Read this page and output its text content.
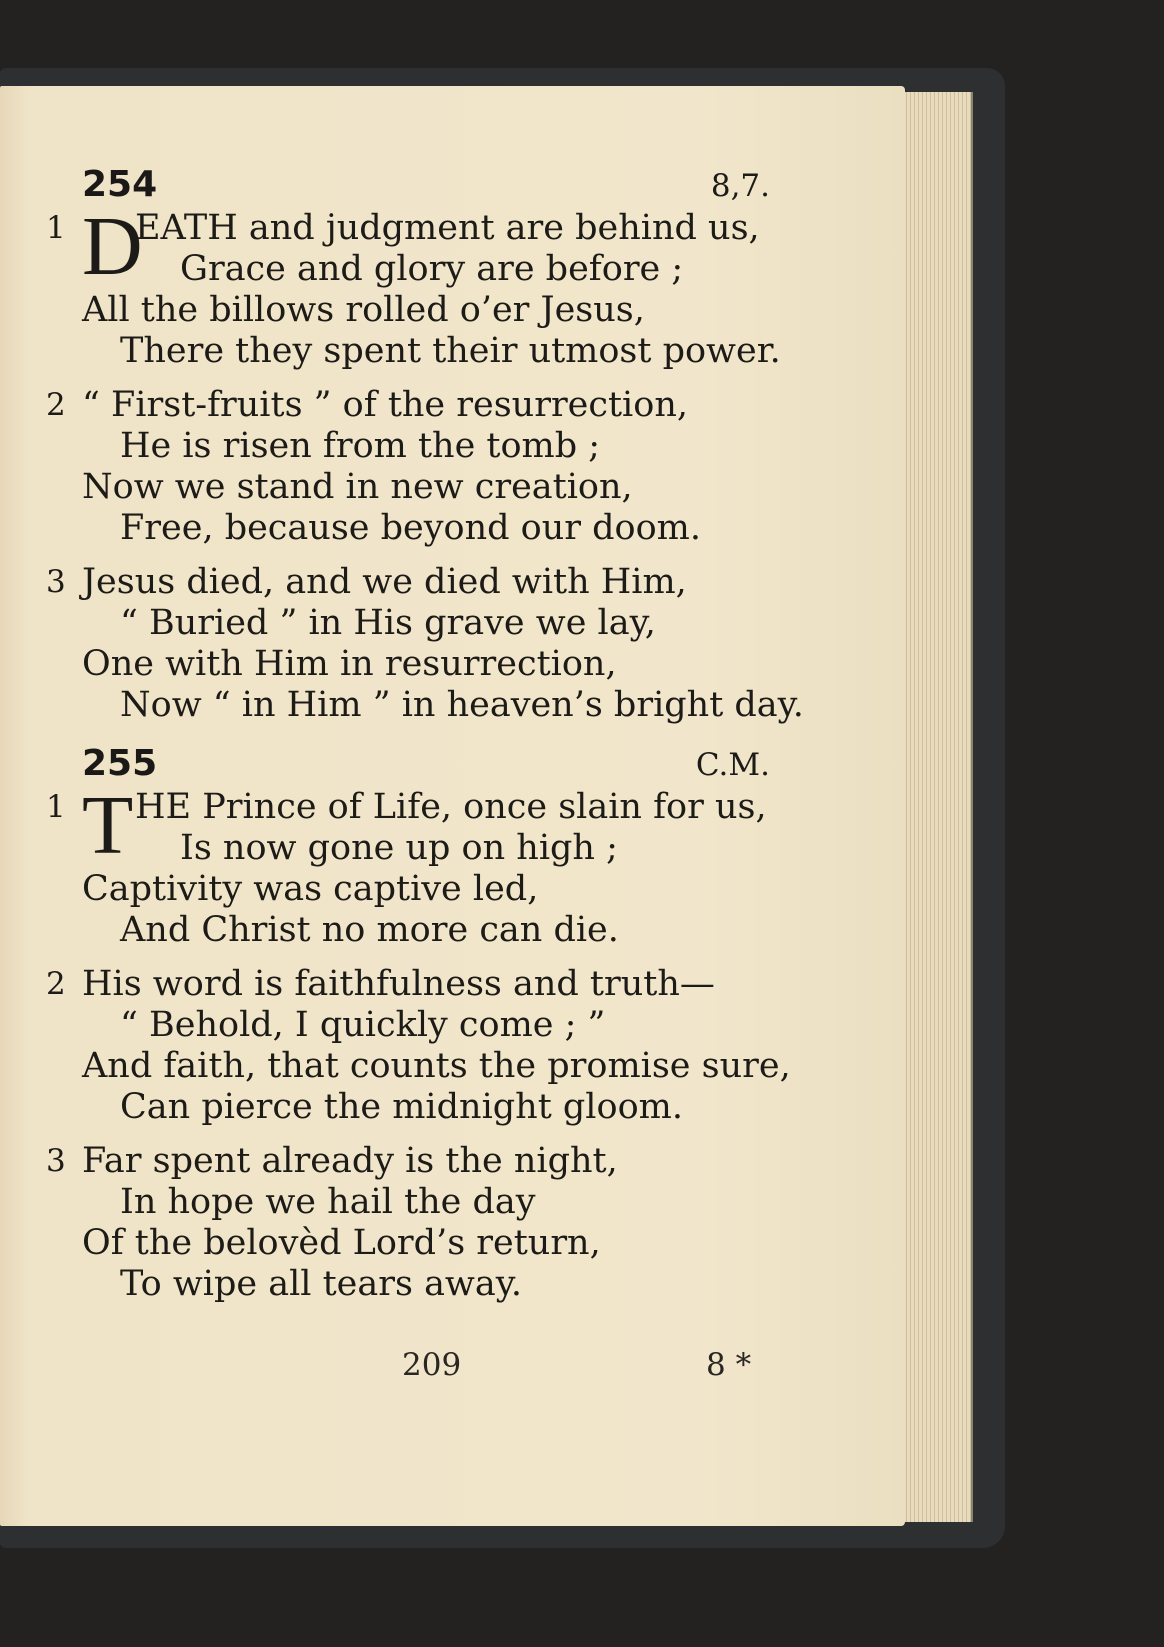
254	8,7.
1 D
EATH and judgment are behind us,
Grace and glory are before ;
All the billows rolled o’er Jesus,
There they spent their utmost power.
2 “ First-fruits ” of the resurrection,
He is risen from the tomb ;
Now we stand in new creation,
Free, because beyond our doom.
3 Jesus died, and we died with Him,
“ Buried ” in His grave we lay,
One with Him in resurrection,
Now “ in Him ” in heaven’s bright day.
255	C.M.
1 T HE Prince of Life, once slain for us,
Is now gone up on high ;
Captivity was captive led,
And Christ no more can die.
2 His word is faithfulness and truth—
“ Behold, I quickly come ; ”
And faith, that counts the promise sure,
Can pierce the midnight gloom.
3 Far spent already is the night,
In hope we hail the day
Of the belovèd Lord’s return,
To wipe all tears away.
209	8 *
